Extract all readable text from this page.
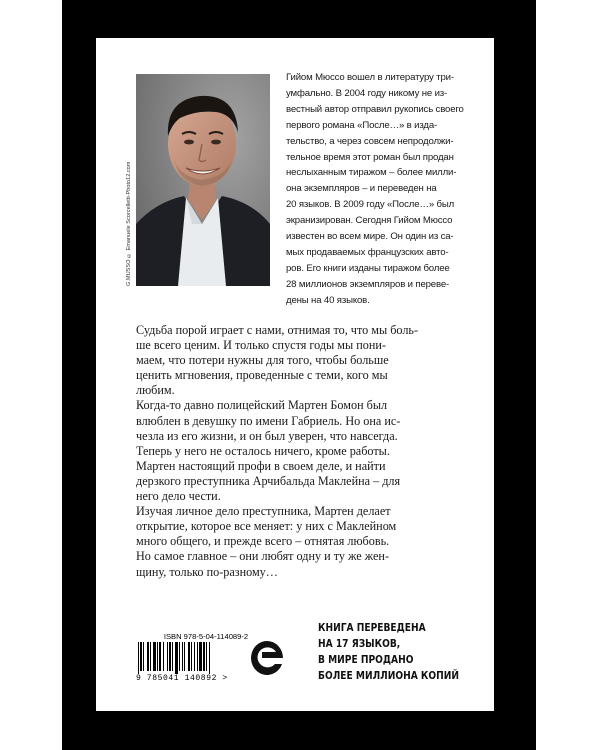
G.MUSSO © Emanuele Scorcelletti-Photo12.com
Гийом Мюссо вошел в литературу три-
умфально. В 2004 году никому не из-
вестный автор отправил рукопись своего
первого романа «После…» в изда-
тельство, а через совсем непродолжи-
тельное время этот роман был продан
неслыханным тиражом – более милли-
она экземпляров – и переведен на
20 языков. В 2009 году «После…» был
экранизирован. Сегодня Гийом Мюссо
известен во всем мире. Он один из са-
мых продаваемых французских авто-
ров. Его книги изданы тиражом более
28 миллионов экземпляров и переве-
дены на 40 языков.
Судьба порой играет с нами, отнимая то, что мы боль-
ше всего ценим. И только спустя годы мы пони-
маем, что потери нужны для того, чтобы больше
ценить мгновения, проведенные с теми, кого мы
любим.
Когда-то давно полицейский Мартен Бомон был
влюблен в девушку по имени Габриель. Но она ис-
чезла из его жизни, и он был уверен, что навсегда.
Теперь у него не осталось ничего, кроме работы.
Мартен настоящий профи в своем деле, и найти
дерзкого преступника Арчибальда Маклейна – для
него дело чести.
Изучая личное дело преступника, Мартен делает
открытие, которое все меняет: у них с Маклейном
много общего, и прежде всего – отнятая любовь.
Но самое главное – они любят одну и ту же жен-
щину, только по-разному…
ISBN 978-5-04-114089-2
9 785041 140892 >
КНИГА ПЕРЕВЕДЕНА
НА 17 ЯЗЫКОВ,
В МИРЕ ПРОДАНО
БОЛЕЕ МИЛЛИОНА КОПИЙ
